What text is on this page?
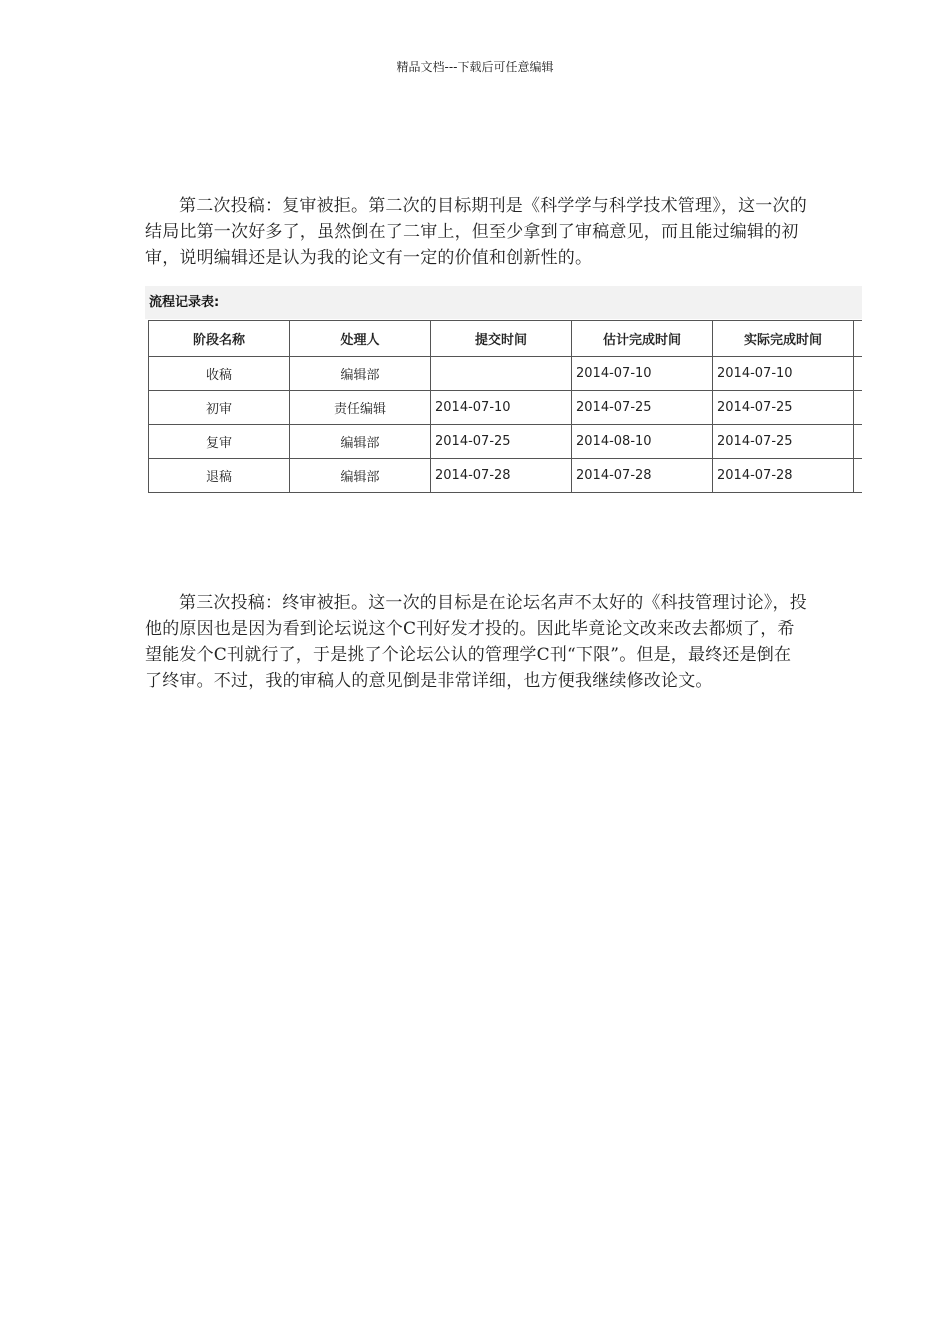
精品文档---下载后可任意编辑

第二次投稿：复审被拒。第二次的目标期刊是《科学学与科学技术管理》，这一次的结局比第一次好多了，虽然倒在了二审上，但至少拿到了审稿意见，而且能过编辑的初审，说明编辑还是认为我的论文有一定的价值和创新性的。

流程记录表:
阶段名称	处理人	提交时间	估计完成时间	实际完成时间	
收稿	编辑部		2014-07-10	2014-07-10	
初审	责任编辑	2014-07-10	2014-07-25	2014-07-25	
复审	编辑部	2014-07-25	2014-08-10	2014-07-25	
退稿	编辑部	2014-07-28	2014-07-28	2014-07-28	

第三次投稿：终审被拒。这一次的目标是在论坛名声不太好的《科技管理讨论》，投他的原因也是因为看到论坛说这个C刊好发才投的。因此毕竟论文改来改去都烦了，希望能发个C刊就行了，于是挑了个论坛公认的管理学C刊“下限”。但是，最终还是倒在了终审。不过，我的审稿人的意见倒是非常详细，也方便我继续修改论文。
